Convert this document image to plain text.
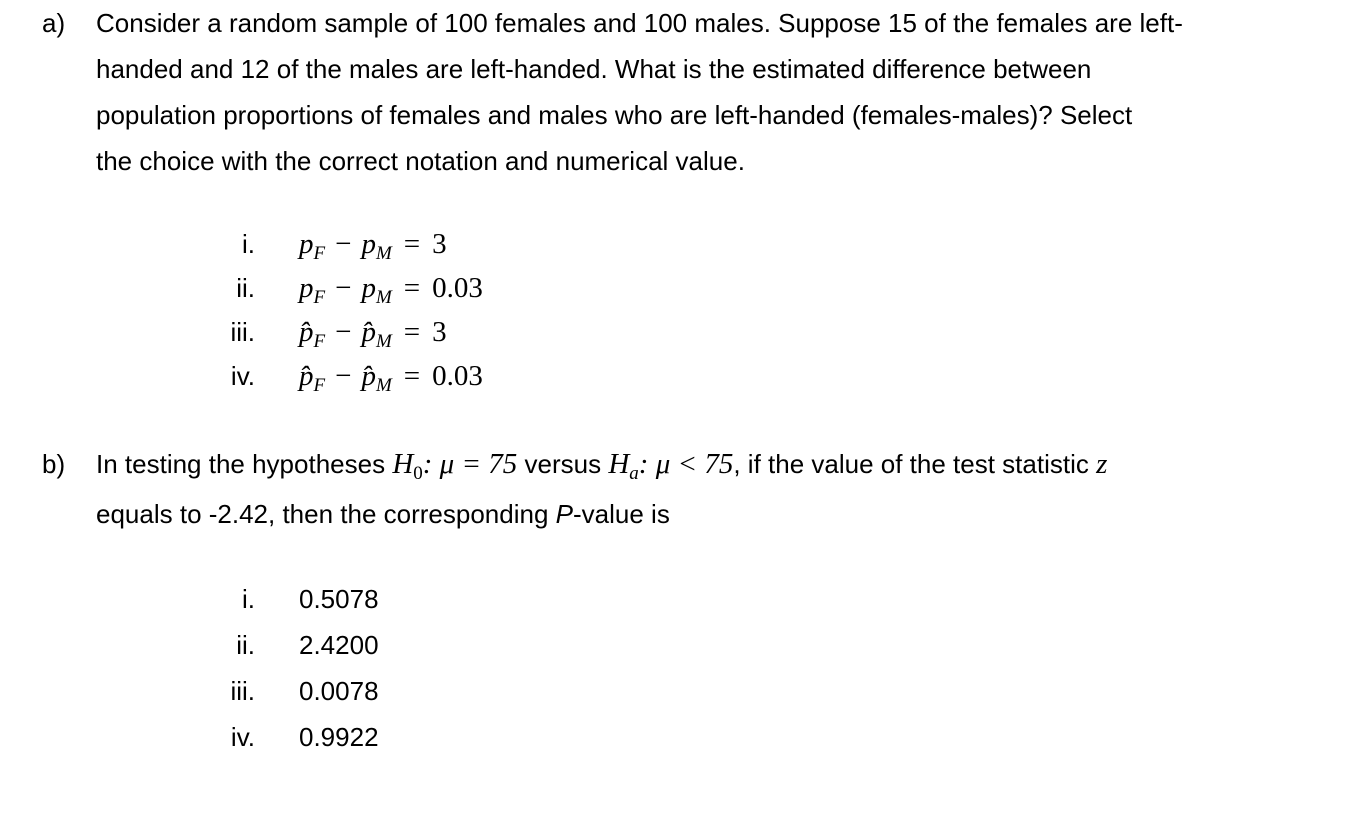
a) Consider a random sample of 100 females and 100 males. Suppose 15 of the females are left-
handed and 12 of the males are left-handed. What is the estimated difference between
population proportions of females and males who are left-handed (females-males)? Select
the choice with the correct notation and numerical value.
i. $p_F - p_M = 3$
ii. $p_F - p_M = 0.03$
iii. $p̂_F$ − $p̂_M = 3$
iv. $p̂_F$ − $p̂_M = 0.03$
b) In testing the hypotheses $H_0$: μ = 75 versus $H_a$: μ < 75, if the value of the test statistic z
equals to -2.42, then the corresponding P-value is
i. 0.5078
ii. 2.4200
iii. 0.0078
iv. 0.9922
